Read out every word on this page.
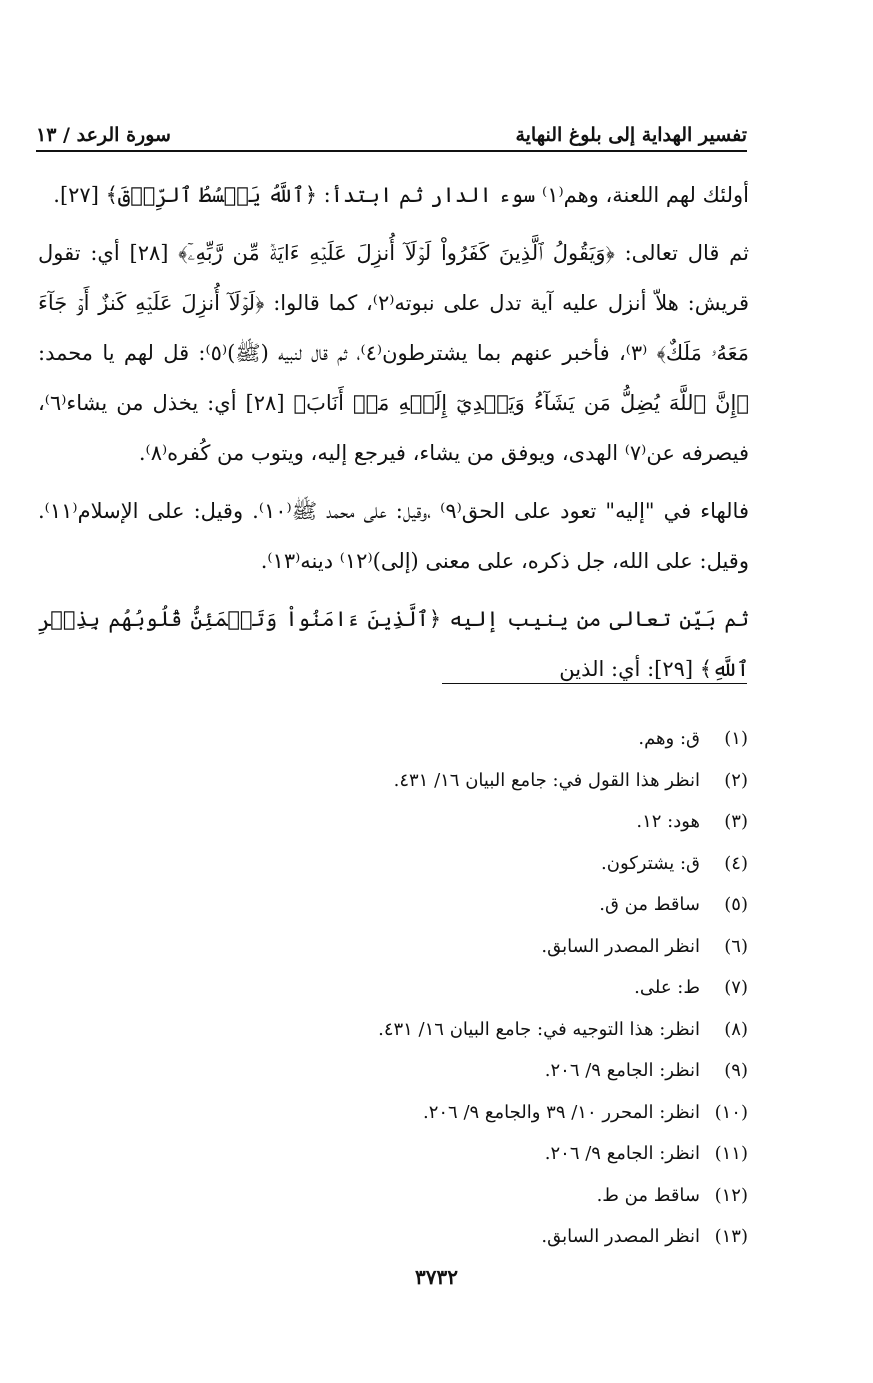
تفسير الهداية إلى بلوغ النهاية
سورة الرعد / ١٣

أولئك لهم اللعنة، وهم⁽١⁾ سوء الدار ثم ابتدأ: ﴿ٱللَّهُ يَبۡسُطُ ٱلرِّزۡقَ﴾ [٢٧].

ثم قال تعالى: ﴿وَيَقُولُ ٱلَّذِينَ كَفَرُواْ لَوۡلَآ أُنزِلَ عَلَيۡهِ ءَايَةٞ مِّن رَّبِّهِۦٓ﴾ [٢٨] أي: تقول قريش: هلاّ أنزل عليه آية تدل على نبوته⁽٢⁾، كما قالوا: ﴿لَوۡلَآ أُنزِلَ عَلَيۡهِ كَنزٌ أَوۡ جَآءَ مَعَهُۥ مَلَكٌ﴾ ⁽٣⁾، فأخبر عنهم بما يشترطون⁽٤⁾، ثم قال لنبيه (ﷺ)⁽٥⁾: قل لهم يا محمد: ﴿إِنَّ ٱللَّهَ يُضِلُّ مَن يَشَآءُ وَيَهۡدِيٓ إِلَيۡهِ مَنۡ أَنَابَ﴾ [٢٨] أي: يخذل من يشاء⁽٦⁾، فيصرفه عن⁽٧⁾ الهدى، ويوفق من يشاء، فيرجع إليه، ويتوب من كُفره⁽٨⁾.

فالهاء في "إليه" تعود على الحق⁽٩⁾ ،وقيل: على محمد ﷺ⁽١٠⁾. وقيل: على الإسلام⁽١١⁾. وقيل: على الله، جل ذكره، على معنى (إلى)⁽١٢⁾ دينه⁽١٣⁾.

ثم بَيّن تعالى من ينيب إليه ﴿ٱلَّذِينَ ءَامَنُواْ وَتَطۡمَئِنُّ قُلُوبُهُم بِذِكۡرِ ٱللَّهِ﴾ [٢٩]: أي: الذين

(١)
ق: وهم.
(٢)
انظر هذا القول في: جامع البيان ١٦/ ٤٣١.
(٣)
هود: ١٢.
(٤)
ق: يشتركون.
(٥)
ساقط من ق.
(٦)
انظر المصدر السابق.
(٧)
ط: على.
(٨)
انظر: هذا التوجيه في: جامع البيان ١٦/ ٤٣١.
(٩)
انظر: الجامع ٩/ ٢٠٦.
(١٠)
انظر: المحرر ١٠/ ٣٩ والجامع ٩/ ٢٠٦.
(١١)
انظر: الجامع ٩/ ٢٠٦.
(١٢)
ساقط من ط.
(١٣)
انظر المصدر السابق.
٣٧٣٢
